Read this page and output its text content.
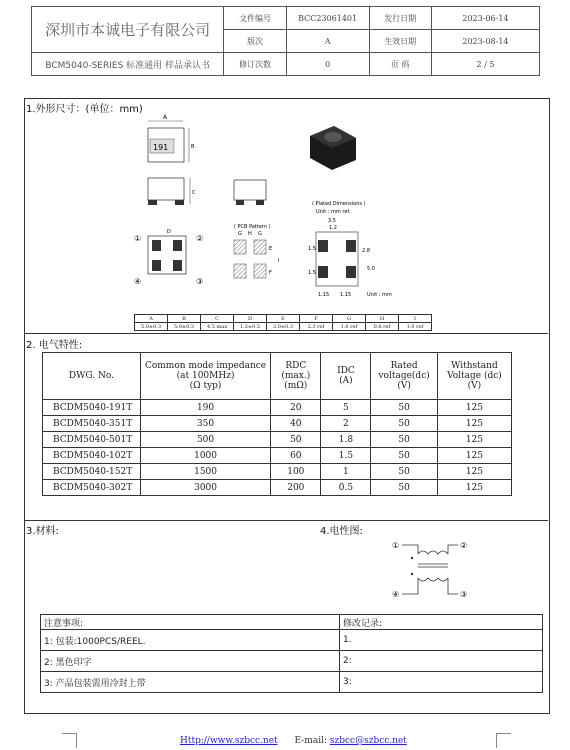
深圳市本诚电子有限公司	文件编号	BCC23061401	发行日期	2023-06-14
	版次	A	生效日期	2023-08-14
BCM5040-SERIES 标准通用 样品承认书	修订次数	0	页 码	2 / 5
1.外形尺寸：(单位：mm)
A
191	B
C
①	②
④	③
D
( PCB Pattern )
G H G
E
F
I
( Plated Dimensions )
Unit : mm ref.
3.5
1.2
2.8
5.0
1.5
1.5
1.15 1.15	Unit : mm
A	B	C	D	E	F	G	H	I
5.0±0.3	5.0±0.3	4.5 max	1.2±0.5	2.0±0.3	2.3 ref	1.6 ref	0.8 ref	1.0 ref
2. 电气特性:
DWG. No.	Common mode impedance
(at 100MHz)
(Ω typ)	RDC
(max.)
(mΩ)	IDC
(A)	Rated
voltage(dc)
(V)	Withstand
Voltage (dc)
(V)
BCDM5040-191T	190	20	5	50	125
BCDM5040-351T	350	40	2	50	125
BCDM5040-501T	500	50	1.8	50	125
BCDM5040-102T	1000	60	1.5	50	125
BCDM5040-152T	1500	100	1	50	125
BCDM5040-302T	3000	200	0.5	50	125
3.材料:	4.电性图:
①	②
④	③
注意事项:	修改记录:
1: 包装:1000PCS/REEL.	1.
2: 黑色印字	2:
3: 产品包装需用冷封上带	3:
Http://www.szbcc.net E-mail: szbcc@szbcc.net
